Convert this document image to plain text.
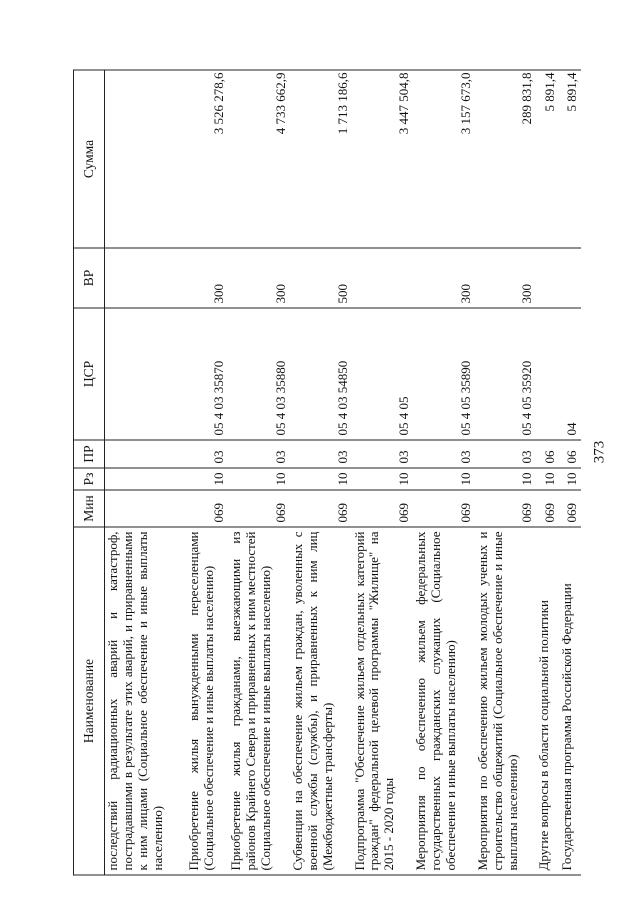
373
Наименование	Мин	Рз	ПР	ЦСР	ВР	Сумма
последствий радиационных аварий и катастроф, пострадавшими в результате этих аварий, и приравненными к ним лицами (Социальное обеспечение и иные выплаты населению)						
Приобретение жилья вынужденными переселенцами (Социальное обеспечение и иные выплаты населению)	069	10	03	05 4 03 35870	300	3 526 278,6
Приобретение жилья гражданами, выезжающими из районов Крайнего Севера и приравненных к ним местностей (Социальное обеспечение и иные выплаты населению)	069	10	03	05 4 03 35880	300	4 733 662,9
Субвенции на обеспечение жильем граждан, уволенных с военной службы (службы), и приравненных к ним лиц (Межбюджетные трансферты)	069	10	03	05 4 03 54850	500	1 713 186,6
Подпрограмма "Обеспечение жильем отдельных категорий граждан" федеральной целевой программы "Жилище" на 2015 - 2020 годы	069	10	03	05 4 05		3 447 504,8
Мероприятия по обеспечению жильем федеральных государственных гражданских служащих (Социальное обеспечение и иные выплаты населению)	069	10	03	05 4 05 35890	300	3 157 673,0
Мероприятия по обеспечению жильем молодых ученых и строительство общежитий (Социальное обеспечение и иные выплаты населению)	069	10	03	05 4 05 35920	300	289 831,8
Другие вопросы в области социальной политики	069	10	06			5 891,4
Государственная программа Российской Федерации	069	10	06	04		5 891,4
